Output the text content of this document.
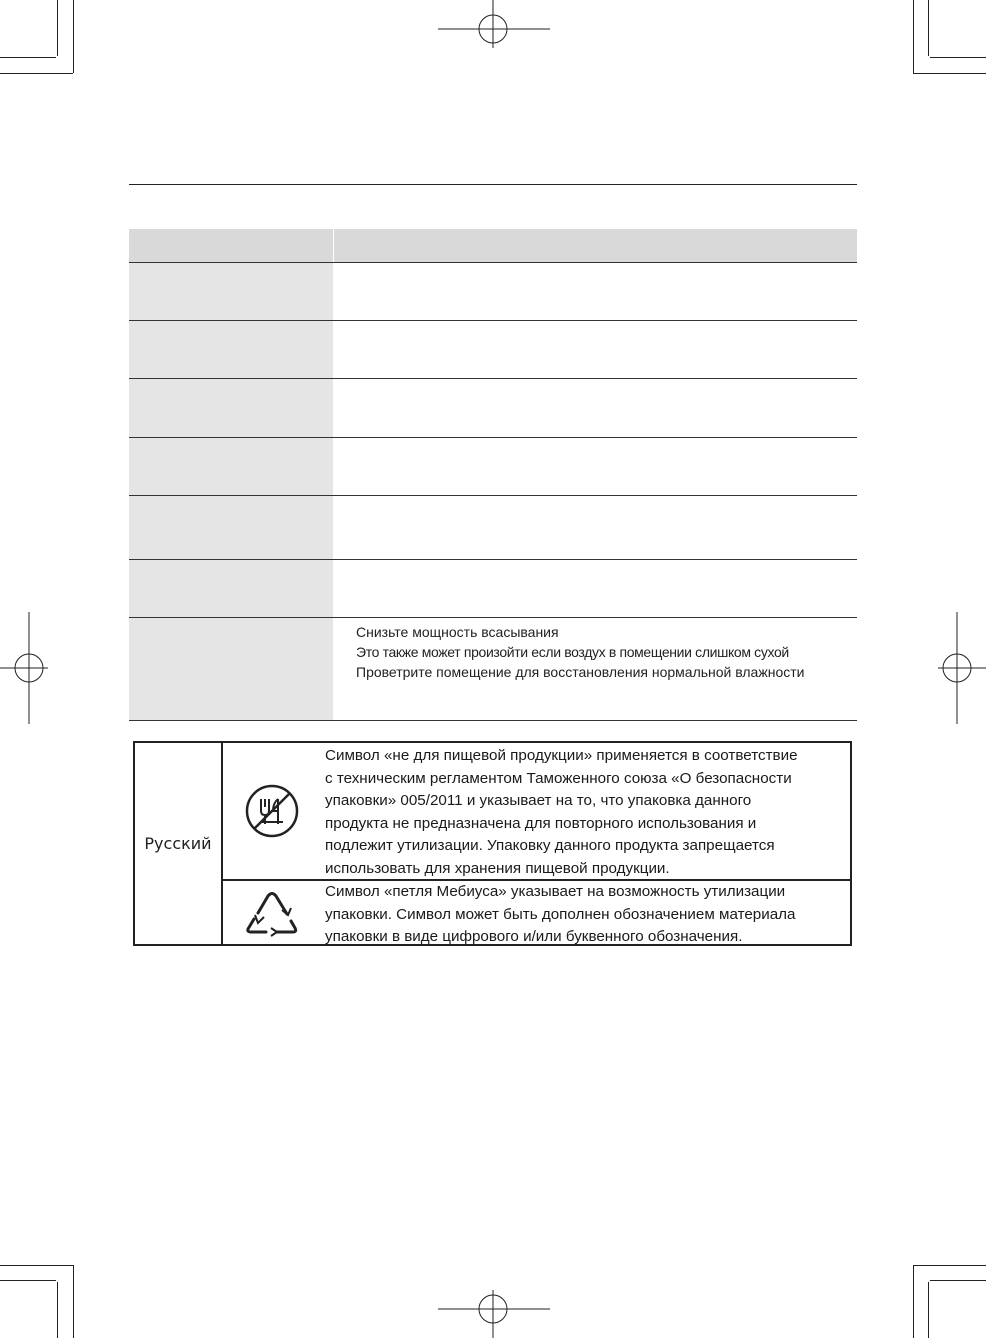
Снизьте мощность всасывания
Это также может произойти если воздух в помещении слишком сухой
Проветрите помещение для восстановления нормальной влажности
Русский
Символ «не для пищевой продукции» применяется в соответствие
с техническим регламентом Таможенного союза «О безопасности
упаковки» 005/2011 и указывает на то, что упаковка данного
продукта не предназначена для повторного использования и
подлежит утилизации. Упаковку данного продукта запрещается
использовать для хранения пищевой продукции.
Символ «петля Мебиуса» указывает на возможность утилизации
упаковки. Символ может быть дополнен обозначением материала
упаковки в виде цифрового и/или буквенного обозначения.
